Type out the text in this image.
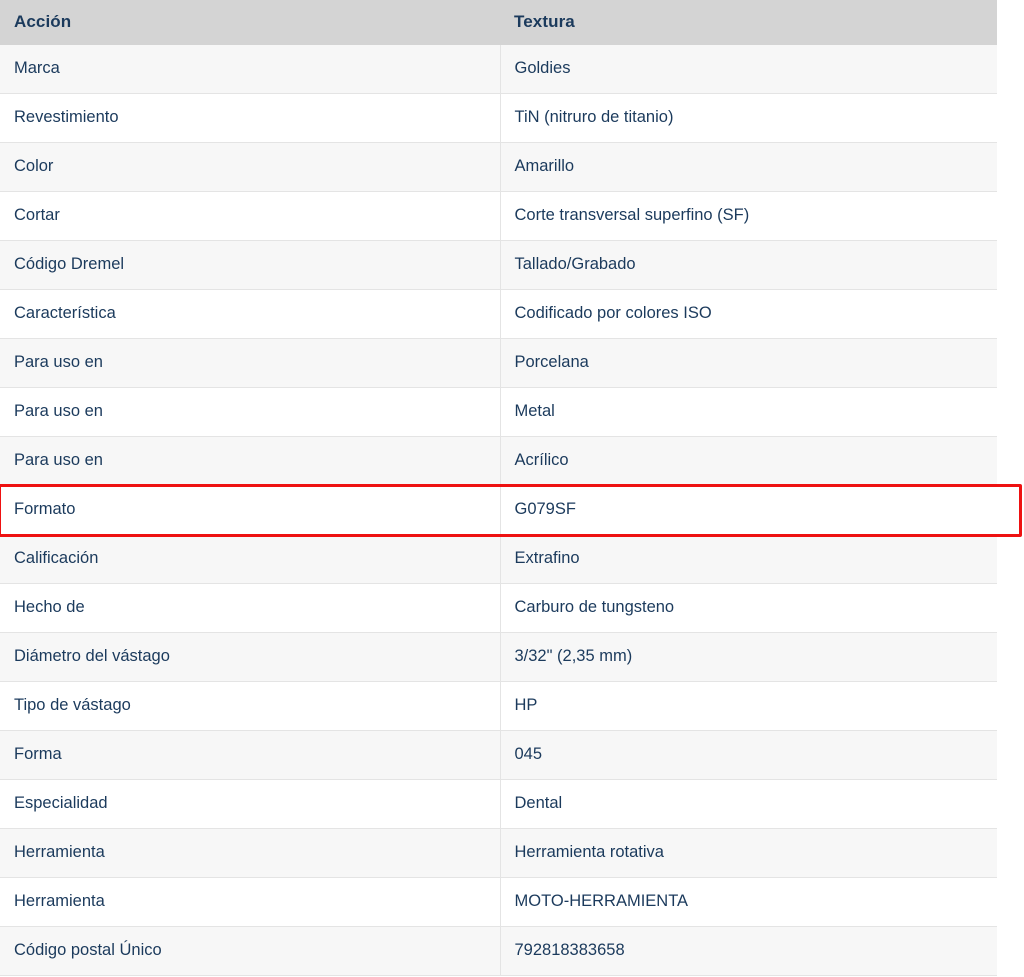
Acción	Textura
Marca	Goldies
Revestimiento	TiN (nitruro de titanio)
Color	Amarillo
Cortar	Corte transversal superfino (SF)
Código Dremel	Tallado/Grabado
Característica	Codificado por colores ISO
Para uso en	Porcelana
Para uso en	Metal
Para uso en	Acrílico
Formato	G079SF
Calificación	Extrafino
Hecho de	Carburo de tungsteno
Diámetro del vástago	3/32" (2,35 mm)
Tipo de vástago	HP
Forma	045
Especialidad	Dental
Herramienta	Herramienta rotativa
Herramienta	MOTO-HERRAMIENTA
Código postal Único	792818383658
